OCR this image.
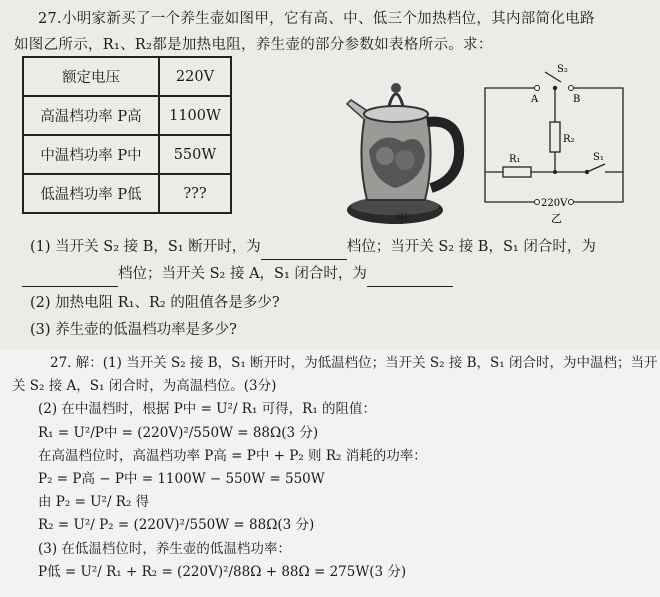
27.小明家新买了一个养生壶如图甲，它有高、中、低三个加热档位，其内部简化电路
如图乙所示，R₁、R₂都是加热电阻，养生壶的部分参数如表格所示。求：
额定电压	220V
高温档功率 P高	1100W
中温档功率 P中	550W
低温档功率 P低	???
甲
S₂
A	B
R₁
R₂
S₁
220V
乙
(1) 当开关 S₂ 接 B，S₁ 断开时，为	档位；当开关 S₂ 接 B，S₁ 闭合时，为
档位；当开关 S₂ 接 A，S₁ 闭合时，为
(2) 加热电阻 R₁、R₂ 的阻值各是多少?
(3) 养生壶的低温档功率是多少?
27. 解：(1) 当开关 S₂ 接 B，S₁ 断开时，为低温档位；当开关 S₂ 接 B，S₁ 闭合时，为中温档；当开
关 S₂ 接 A，S₁ 闭合时，为高温档位。(3分)
(2) 在中温档时，根据 P中 = U²/ R₁ 可得，R₁ 的阻值：
R₁ = U²/P中 = (220V)²/550W = 88Ω(3 分)
在高温档位时，高温档功率 P高 = P中 + P₂ 则 R₂ 消耗的功率：
P₂ = P高 − P中 = 1100W − 550W = 550W
由 P₂ = U²/ R₂ 得
R₂ = U²/ P₂ = (220V)²/550W = 88Ω(3 分)
(3) 在低温档位时，养生壶的低温档功率：
P低 = U²/ R₁ + R₂ = (220V)²/88Ω + 88Ω = 275W(3 分)
